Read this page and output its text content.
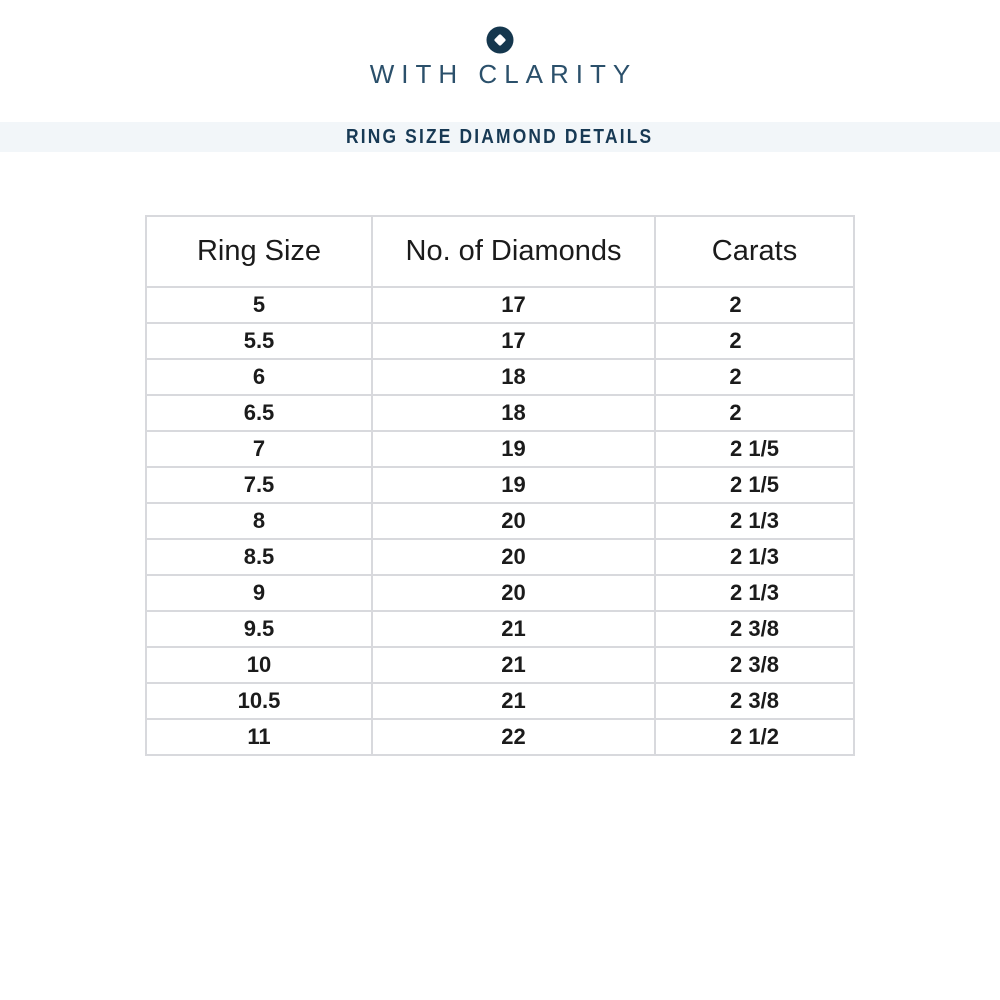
WITH CLARITY
RING SIZE DIAMOND DETAILS
Ring Size	No. of Diamonds	Carats
5	17	2
5.5	17	2
6	18	2
6.5	18	2
7	19	2 1/5
7.5	19	2 1/5
8	20	2 1/3
8.5	20	2 1/3
9	20	2 1/3
9.5	21	2 3/8
10	21	2 3/8
10.5	21	2 3/8
11	22	2 1/2
